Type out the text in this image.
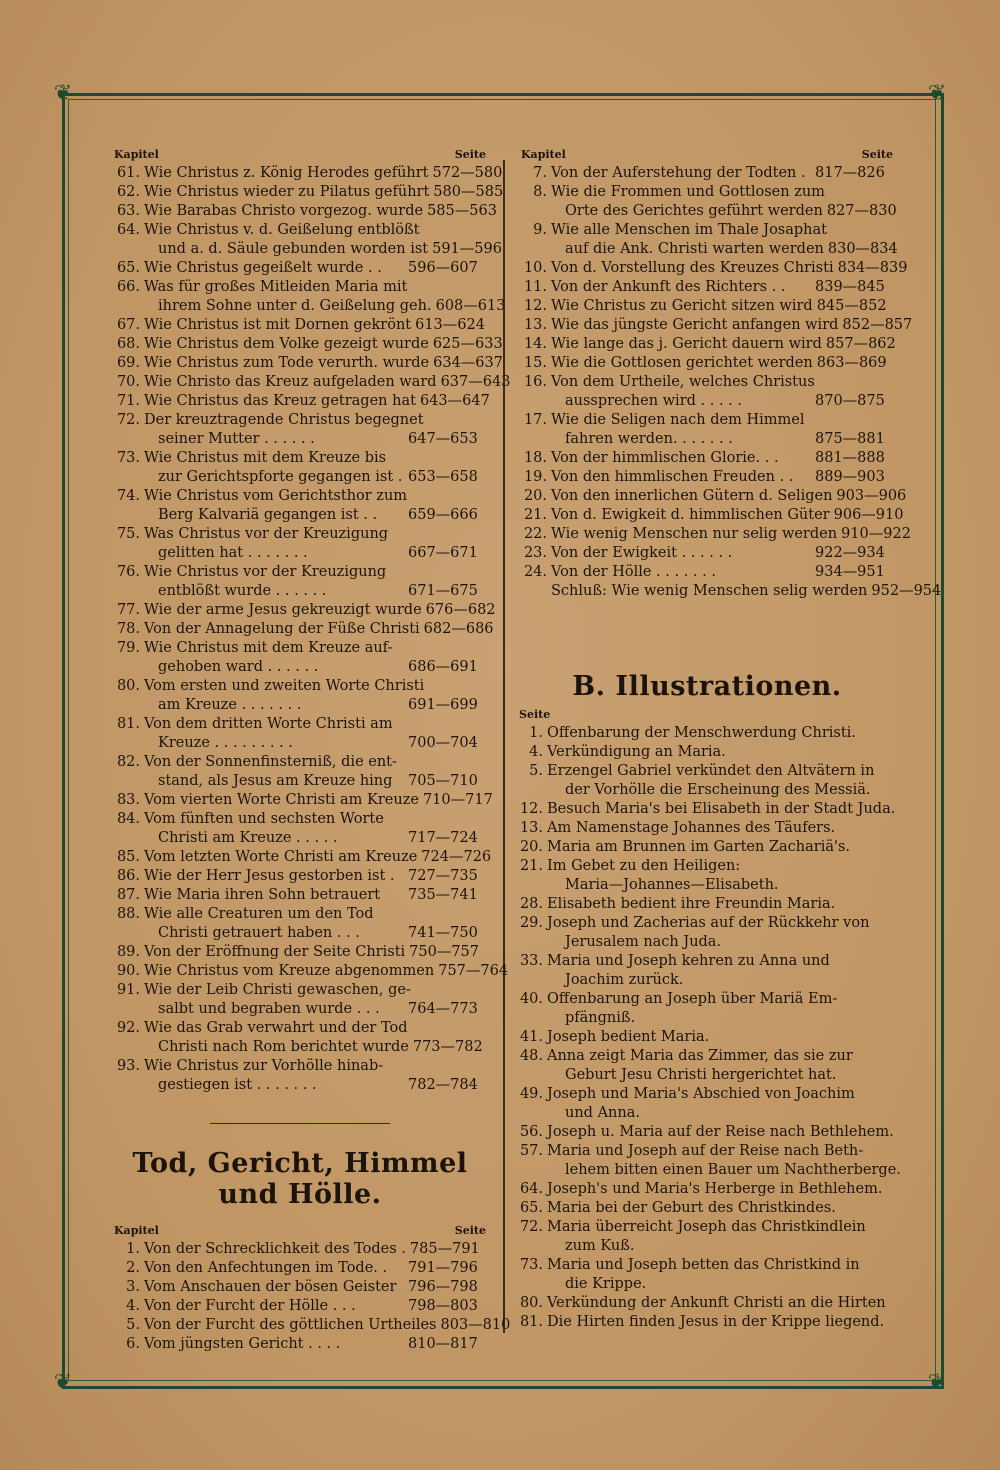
❦	❦
❦	❦
Kapitel	Seite
61. Wie Christus z. König Herodes geführt 572—580
62. Wie Christus wieder zu Pilatus geführt 580—585
63. Wie Barabas Christo vorgezog. wurde 585—563
64. Wie Christus v. d. Geißelung entblößt
und a. d. Säule gebunden worden ist 591—596
65. Wie Christus gegeißelt wurde . .	596—607
66. Was für großes Mitleiden Maria mit
ihrem Sohne unter d. Geißelung geh. 608—613
67. Wie Christus ist mit Dornen gekrönt 613—624
68. Wie Christus dem Volke gezeigt wurde 625—633
69. Wie Christus zum Tode verurth. wurde 634—637
70. Wie Christo das Kreuz aufgeladen ward 637—643
71. Wie Christus das Kreuz getragen hat 643—647
72. Der kreuztragende Christus begegnet
seiner Mutter . . . . . .	647—653
73. Wie Christus mit dem Kreuze bis
zur Gerichtspforte gegangen ist . 653—658
74. Wie Christus vom Gerichtsthor zum
Berg Kalvariä gegangen ist . .	659—666
75. Was Christus vor der Kreuzigung
gelitten hat . . . . . . .	667—671
76. Wie Christus vor der Kreuzigung
entblößt wurde . . . . . .	671—675
77. Wie der arme Jesus gekreuzigt wurde 676—682
78. Von der Annagelung der Füße Christi 682—686
79. Wie Christus mit dem Kreuze auf-
gehoben ward . . . . . .	686—691
80. Vom ersten und zweiten Worte Christi
am Kreuze . . . . . . .	691—699
81. Von dem dritten Worte Christi am
Kreuze . . . . . . . . .	700—704
82. Von der Sonnenfinsterniß, die ent-
stand, als Jesus am Kreuze hing	705—710
83. Vom vierten Worte Christi am Kreuze 710—717
84. Vom fünften und sechsten Worte
Christi am Kreuze . . . . .	717—724
85. Vom letzten Worte Christi am Kreuze 724—726
86. Wie der Herr Jesus gestorben ist . 727—735
87. Wie Maria ihren Sohn betrauert	735—741
88. Wie alle Creaturen um den Tod
Christi getrauert haben . . .	741—750
89. Von der Eröffnung der Seite Christi 750—757
90. Wie Christus vom Kreuze abgenommen 757—764
91. Wie der Leib Christi gewaschen, ge-
salbt und begraben wurde . . .	764—773
92. Wie das Grab verwahrt und der Tod
Christi nach Rom berichtet wurde 773—782
93. Wie Christus zur Vorhölle hinab-
gestiegen ist . . . . . . .	782—784
Tod, Gericht, Himmel und Hölle.
Kapitel	Seite
1. Von der Schrecklichkeit des Todes . 785—791
2. Von den Anfechtungen im Tode. .	791—796
3. Vom Anschauen der bösen Geister 796—798
4. Von der Furcht der Hölle . . .	798—803
5. Von der Furcht des göttlichen Urtheiles 803—810
6. Vom jüngsten Gericht . . . .	810—817
Kapitel	Seite
7. Von der Auferstehung der Todten . 817—826
8. Wie die Frommen und Gottlosen zum
Orte des Gerichtes geführt werden 827—830
9. Wie alle Menschen im Thale Josaphat
auf die Ank. Christi warten werden 830—834
10. Von d. Vorstellung des Kreuzes Christi 834—839
11. Von der Ankunft des Richters . .	839—845
12. Wie Christus zu Gericht sitzen wird 845—852
13. Wie das jüngste Gericht anfangen wird 852—857
14. Wie lange das j. Gericht dauern wird 857—862
15. Wie die Gottlosen gerichtet werden 863—869
16. Von dem Urtheile, welches Christus
aussprechen wird . . . . .	870—875
17. Wie die Seligen nach dem Himmel
fahren werden. . . . . . .	875—881
18. Von der himmlischen Glorie. . .	881—888
19. Von den himmlischen Freuden . .	889—903
20. Von den innerlichen Gütern d. Seligen 903—906
21. Von d. Ewigkeit d. himmlischen Güter 906—910
22. Wie wenig Menschen nur selig werden 910—922
23. Von der Ewigkeit . . . . . .	922—934
24. Von der Hölle . . . . . . .	934—951
Schluß: Wie wenig Menschen selig werden 952—954
B. Illustrationen.
Seite
1. Offenbarung der Menschwerdung Christi.
4. Verkündigung an Maria.
5. Erzengel Gabriel verkündet den Altvätern in
der Vorhölle die Erscheinung des Messiä.
12. Besuch Maria's bei Elisabeth in der Stadt Juda.
13. Am Namenstage Johannes des Täufers.
20. Maria am Brunnen im Garten Zachariä's.
21. Im Gebet zu den Heiligen:
Maria—Johannes—Elisabeth.
28. Elisabeth bedient ihre Freundin Maria.
29. Joseph und Zacherias auf der Rückkehr von
Jerusalem nach Juda.
33. Maria und Joseph kehren zu Anna und
Joachim zurück.
40. Offenbarung an Joseph über Mariä Em-
pfängniß.
41. Joseph bedient Maria.
48. Anna zeigt Maria das Zimmer, das sie zur
Geburt Jesu Christi hergerichtet hat.
49. Joseph und Maria's Abschied von Joachim
und Anna.
56. Joseph u. Maria auf der Reise nach Bethlehem.
57. Maria und Joseph auf der Reise nach Beth-
lehem bitten einen Bauer um Nachtherberge.
64. Joseph's und Maria's Herberge in Bethlehem.
65. Maria bei der Geburt des Christkindes.
72. Maria überreicht Joseph das Christkindlein
zum Kuß.
73. Maria und Joseph betten das Christkind in
die Krippe.
80. Verkündung der Ankunft Christi an die Hirten
81. Die Hirten finden Jesus in der Krippe liegend.
